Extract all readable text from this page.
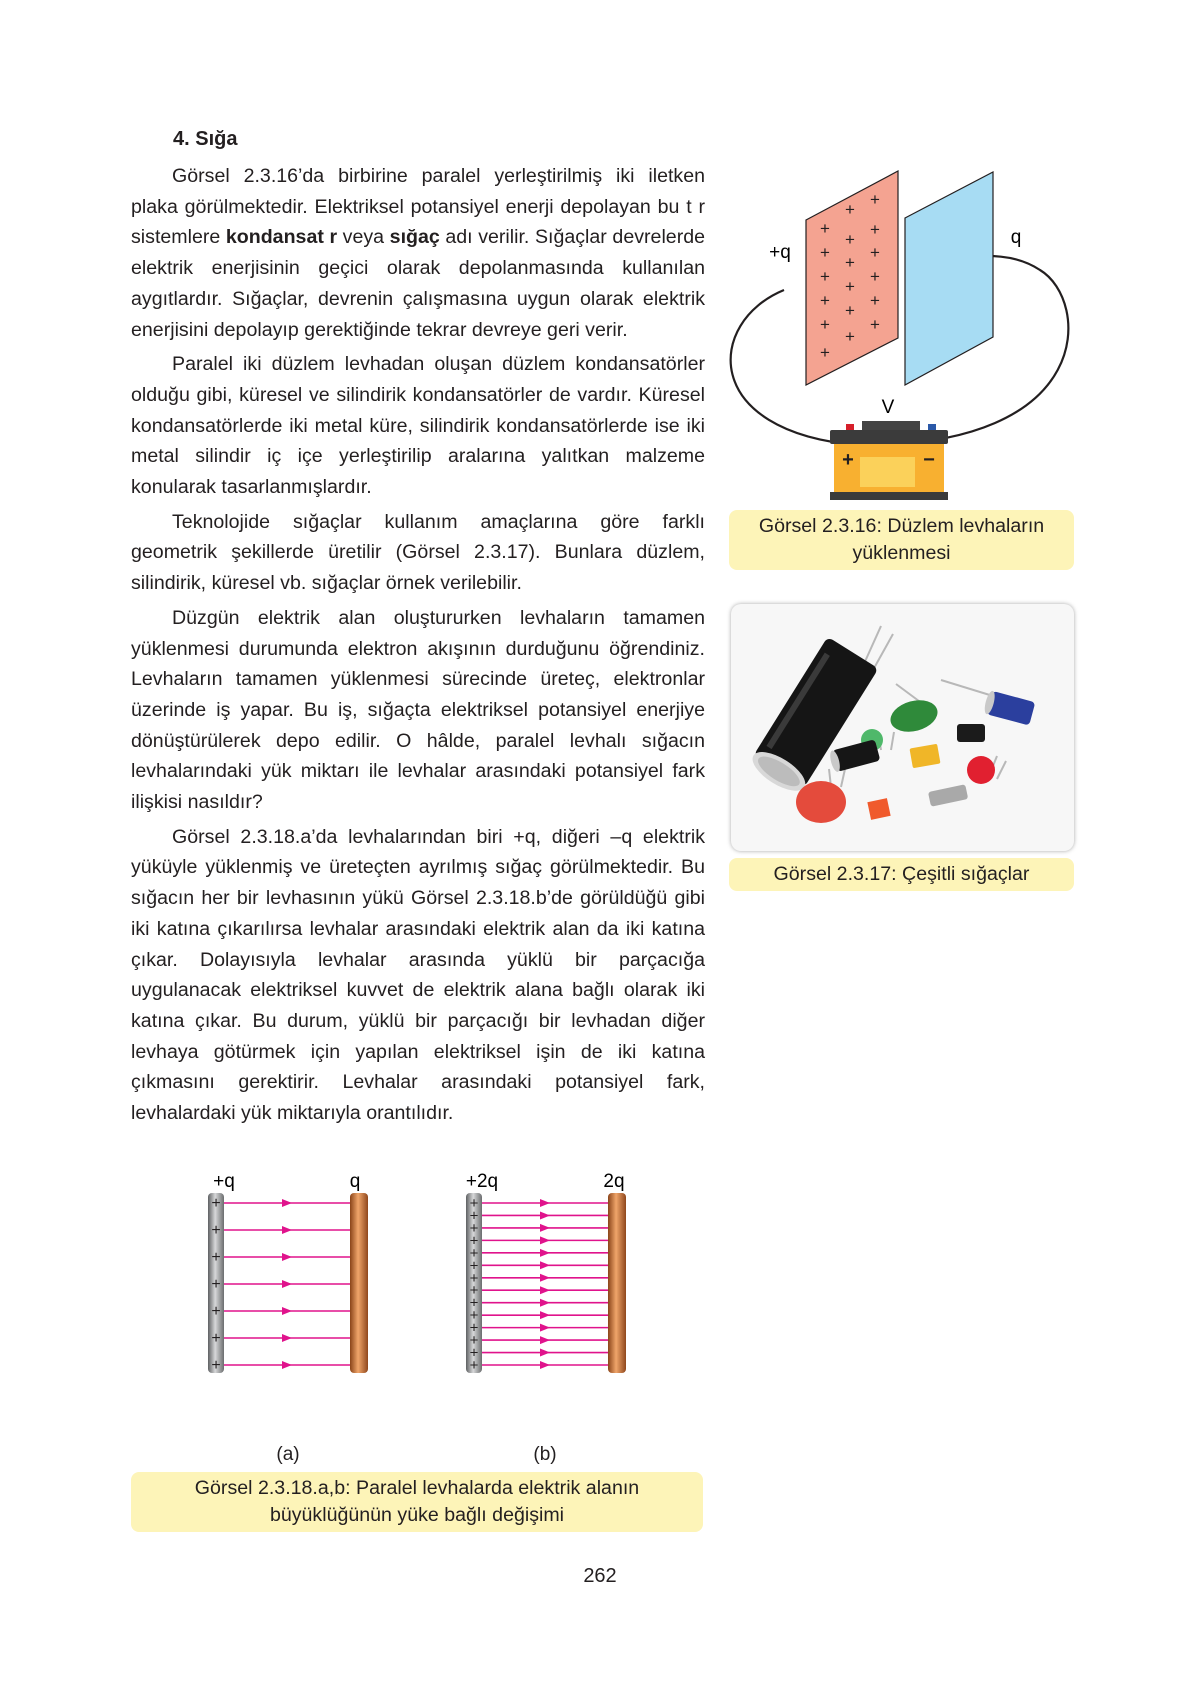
4. Sığa

Görsel 2.3.16’da birbirine paralel yerleştirilmiş iki iletken plaka görülmektedir. Elektriksel potansiyel enerji depolayan bu t r sistemlere kondansat r veya sığaç adı verilir. Sığaçlar devrelerde elektrik enerjisinin geçici olarak depolanmasında kullanılan aygıtlardır. Sığaçlar, devrenin çalışmasına uygun olarak elektrik enerjisini depolayıp gerektiğinde tekrar devreye geri verir.

Paralel iki düzlem levhadan oluşan düzlem kondansatörler olduğu gibi, küresel ve silindirik kondansatörler de vardır. Küresel kondansatörlerde iki metal küre, silindirik kondansatörlerde ise iki metal silindir iç içe yerleştirilip aralarına yalıtkan malzeme konularak tasarlanmışlardır.

Teknolojide sığaçlar kullanım amaçlarına göre farklı geometrik şekillerde üretilir (Görsel 2.3.17). Bunlara düzlem, silindirik, küresel vb. sığaçlar örnek verilebilir.

Düzgün elektrik alan oluştururken levhaların tamamen yüklenmesi durumunda elektron akışının durduğunu öğrendiniz. Levhaların tamamen yüklenmesi sürecinde üreteç, elektronlar üzerinde iş yapar. Bu iş, sığaçta elektriksel potansiyel enerjiye dönüştürülerek depo edilir. O hâlde, paralel levhalı sığacın levhalarındaki yük miktarı ile levhalar arasındaki potansiyel fark ilişkisi nasıldır?

Görsel 2.3.18.a’da levhalarından biri +q, diğeri –q elektrik yüküyle yüklenmiş ve üreteçten ayrılmış sığaç görülmektedir. Bu sığacın her bir levhasının yükü Görsel 2.3.18.b’de görüldüğü gibi iki katına çıkarılırsa levhalar arasındaki elektrik alan da iki katına çıkar. Dolayısıyla levhalar arasında yüklü bir parçacığa uygulanacak elektriksel kuvvet de elektrik alana bağlı olarak iki katına çıkar. Bu durum, yüklü bir parçacığı bir levhadan diğer levhaya götürmek için yapılan elektriksel işin de iki katına çıkmasını gerektirir. Levhalar arasındaki potansiyel fark, levhalardaki yük miktarıyla orantılıdır.

+
+
+
+
+
+
+
+
+
+
+
+
+
+
+
+
+
+
+q
q
V
+	−
Görsel 2.3.16: Düzlem levhaların yüklenmesi
Görsel 2.3.17: Çeşitli sığaçlar
+q	q
+
+
+
+
+
+
+
(a)
+2q	2q
+
+
+
+
+
+
+
+
+
+
+
+
+
+
(b)
Görsel 2.3.18.a,b: Paralel levhalarda elektrik alanın büyüklüğünün yüke bağlı değişimi
262
